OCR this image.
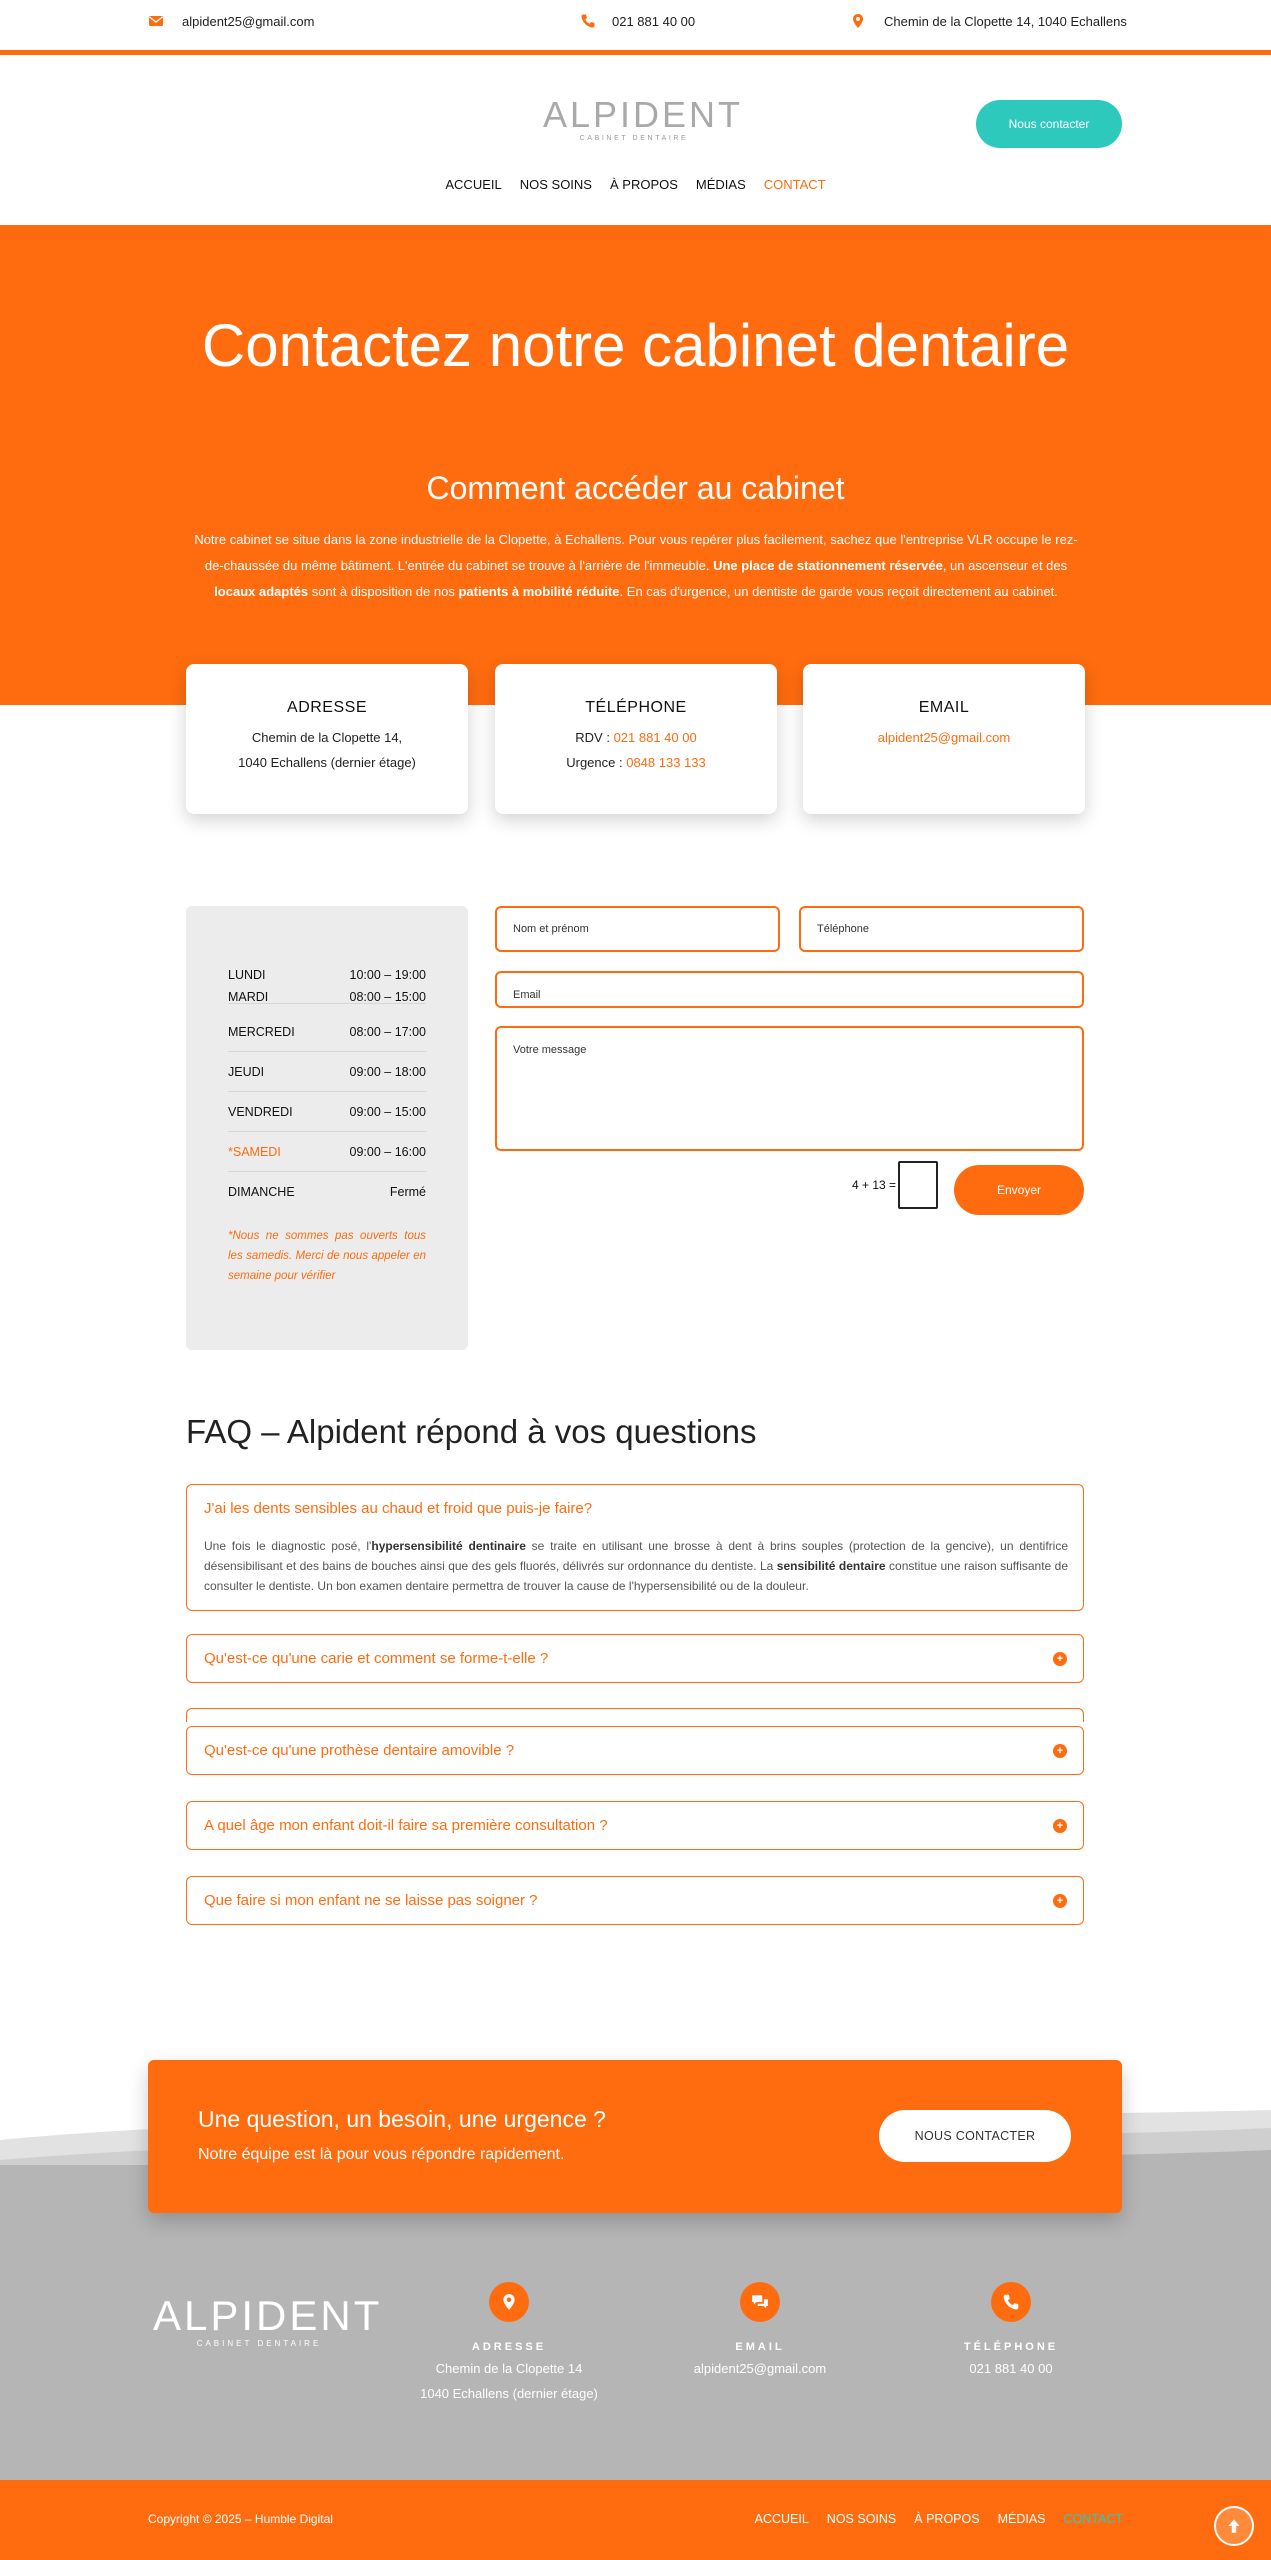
alpident25@gmail.com	021 881 40 00	Chemin de la Clopette 14, 1040 Echallens
ALPIDENT
CABINET DENTAIRE
Nous contacter
ACCUEIL NOS SOINS À PROPOS MÉDIAS CONTACT
Contactez notre cabinet dentaire
Comment accéder au cabinet

Notre cabinet se situe dans la zone industrielle de la Clopette, à Echallens. Pour vous repérer plus facilement, sachez que l'entreprise VLR occupe le rez-de-chaussée du même bâtiment. L'entrée du cabinet se trouve à l'arrière de l'immeuble. Une place de stationnement réservée, un ascenseur et des locaux adaptés sont à disposition de nos patients à mobilité réduite. En cas d'urgence, un dentiste de garde vous reçoit directement au cabinet.

ADRESSE
Chemin de la Clopette 14,
1040 Echallens (dernier étage)
TÉLÉPHONE
RDV : 021 881 40 00
Urgence : 0848 133 133
EMAIL
alpident25@gmail.com
LUNDI	10:00 – 19:00
MARDI	08:00 – 15:00
MERCREDI	08:00 – 17:00
JEUDI	09:00 – 18:00
VENDREDI	09:00 – 15:00
*SAMEDI	09:00 – 16:00
DIMANCHE	Fermé
*Nous ne sommes pas ouverts tous les samedis. Merci de nous appeler en semaine pour vérifier
Nom et prénom	Téléphone
Email
Votre message
4 + 13 =	Envoyer
FAQ – Alpident répond à vos questions
J'ai les dents sensibles au chaud et froid que puis-je faire?
Une fois le diagnostic posé, l'hypersensibilité dentinaire se traite en utilisant une brosse à dent à brins souples (protection de la gencive), un dentifrice désensibilisant et des bains de bouches ainsi que des gels fluorés, délivrés sur ordonnance du dentiste. La sensibilité dentaire constitue une raison suffisante de consulter le dentiste. Un bon examen dentaire permettra de trouver la cause de l'hypersensibilité ou de la douleur.
Qu'est-ce qu'une carie et comment se forme-t-elle ?	+
Qu'est-ce qu'une prothèse dentaire amovible ?	+
A quel âge mon enfant doit-il faire sa première consultation ?	+
Que faire si mon enfant ne se laisse pas soigner ?	+
Une question, un besoin, une urgence ?

Notre équipe est là pour vous répondre rapidement.

NOUS CONTACTER
ALPIDENT
CABINET DENTAIRE	ADRESSE
Chemin de la Clopette 14
1040 Echallens (dernier étage)
EMAIL
alpident25@gmail.com
TÉLÉPHONE
021 881 40 00
Copyright © 2025 – Humble Digital	ACCUEIL NOS SOINS À PROPOS MÉDIAS CONTACT
